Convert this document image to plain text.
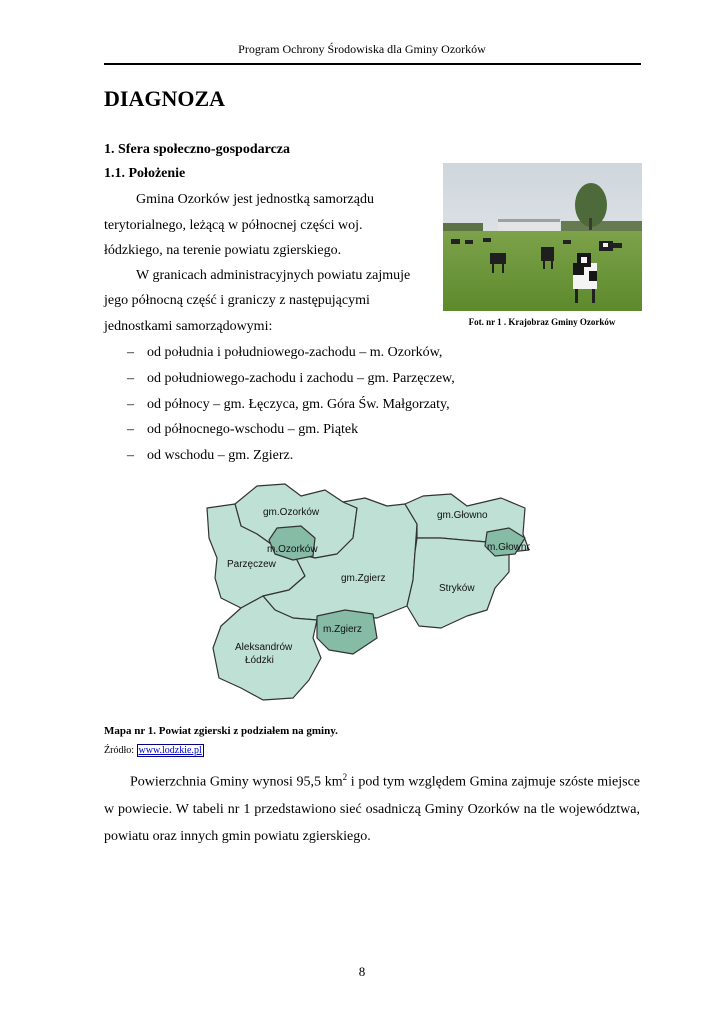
Program Ochrony Środowiska dla Gminy Ozorków
DIAGNOZA
1. Sfera społeczno-gospodarcza
1.1. Położenie
Gmina Ozorków jest jednostką samorządu
terytorialnego, leżącą w północnej części woj.
łódzkiego, na terenie powiatu zgierskiego.
W granicach administracyjnych powiatu zajmuje
jego północną część i graniczy z następującymi
jednostkami samorządowymi:	Fot. nr 1 . Krajobraz Gminy Ozorków
– od południa i południowego-zachodu – m. Ozorków,
– od południowego-zachodu i zachodu – gm. Parzęczew,
– od północy – gm. Łęczyca, gm. Góra Św. Małgorzaty,
– od północnego-wschodu – gm. Piątek
– od wschodu – gm. Zgierz.
gm.Ozorków
m.Ozorków
Parzęczew
gm.Zgierz
gm.Głowno
m.Głowno
Stryków
m.Zgierz
Aleksandrów
Łódzki
Mapa nr 1. Powiat zgierski z podziałem na gminy.
Źródło: www.lodzkie.pl
Powierzchnia Gminy wynosi 95,5 $km^2$ i pod tym względem Gmina zajmuje szóste miejsce w powiecie. W tabeli nr 1 przedstawiono sieć osadniczą Gminy Ozorków na tle województwa, powiatu oraz innych gmin powiatu zgierskiego.
8
